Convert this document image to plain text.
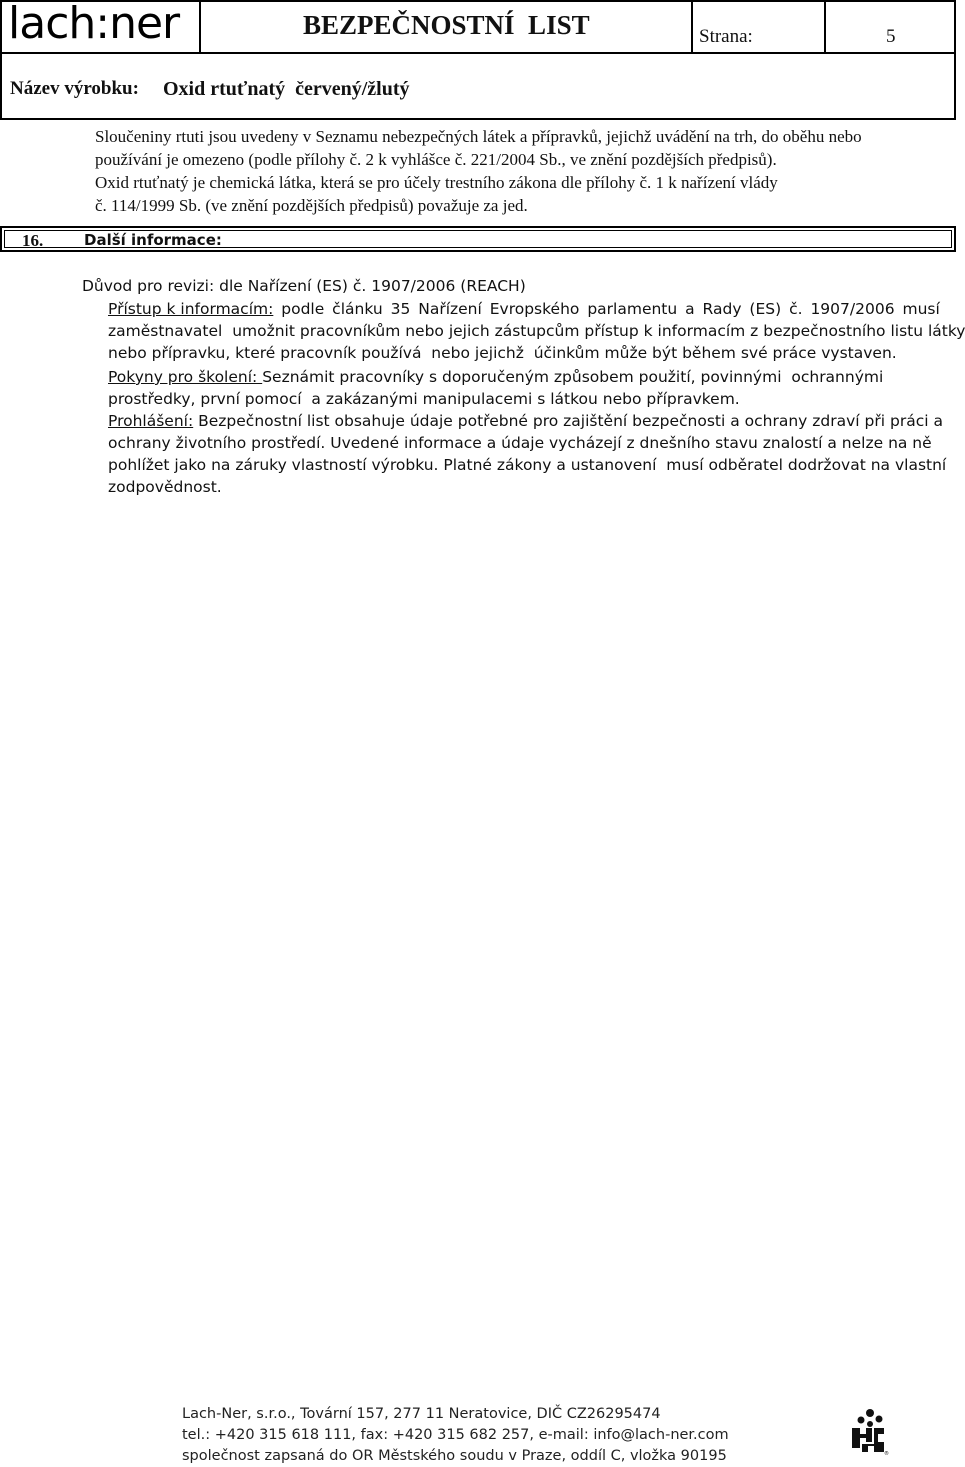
lach:ner	BEZPEČNOSTNÍ  LIST	Strana:	5
Název výrobku: Oxid rtuťnatý  červený/žlutý
Sloučeniny rtuti jsou uvedeny v Seznamu nebezpečných látek a přípravků, jejichž uvádění na trh, do oběhu nebo
používání je omezeno (podle přílohy č. 2 k vyhlášce č. 221/2004 Sb., ve znění pozdějších předpisů).
Oxid rtuťnatý je chemická látka, která se pro účely trestního zákona dle přílohy č. 1 k nařízení vlády
č. 114/1999 Sb. (ve znění pozdějších předpisů) považuje za jed.
16.	Další informace:
Důvod pro revizi: dle Nařízení (ES) č. 1907/2006 (REACH)
Přístup k informacím: podle článku 35 Nařízení Evropského parlamentu a Rady (ES) č. 1907/2006 musí
zaměstnavatel  umožnit pracovníkům nebo jejich zástupcům přístup k informacím z bezpečnostního listu látky
nebo přípravku, které pracovník používá  nebo jejichž  účinkům může být během své práce vystaven.
Pokyny pro školení: Seznámit pracovníky s doporučeným způsobem použití, povinnými  ochrannými
prostředky, první pomocí  a zakázanými manipulacemi s látkou nebo přípravkem.
Prohlášení: Bezpečnostní list obsahuje údaje potřebné pro zajištění bezpečnosti a ochrany zdraví při práci a
ochrany životního prostředí. Uvedené informace a údaje vycházejí z dnešního stavu znalostí a nelze na ně
pohlížet jako na záruky vlastností výrobku. Platné zákony a ustanovení  musí odběratel dodržovat na vlastní
zodpovědnost.
Lach-Ner, s.r.o., Tovární 157, 277 11 Neratovice, DIČ CZ26295474
tel.: +420 315 618 111, fax: +420 315 682 257, e-mail: info@lach-ner.com
společnost zapsaná do OR Městského soudu v Praze, oddíl C, vložka 90195	®
